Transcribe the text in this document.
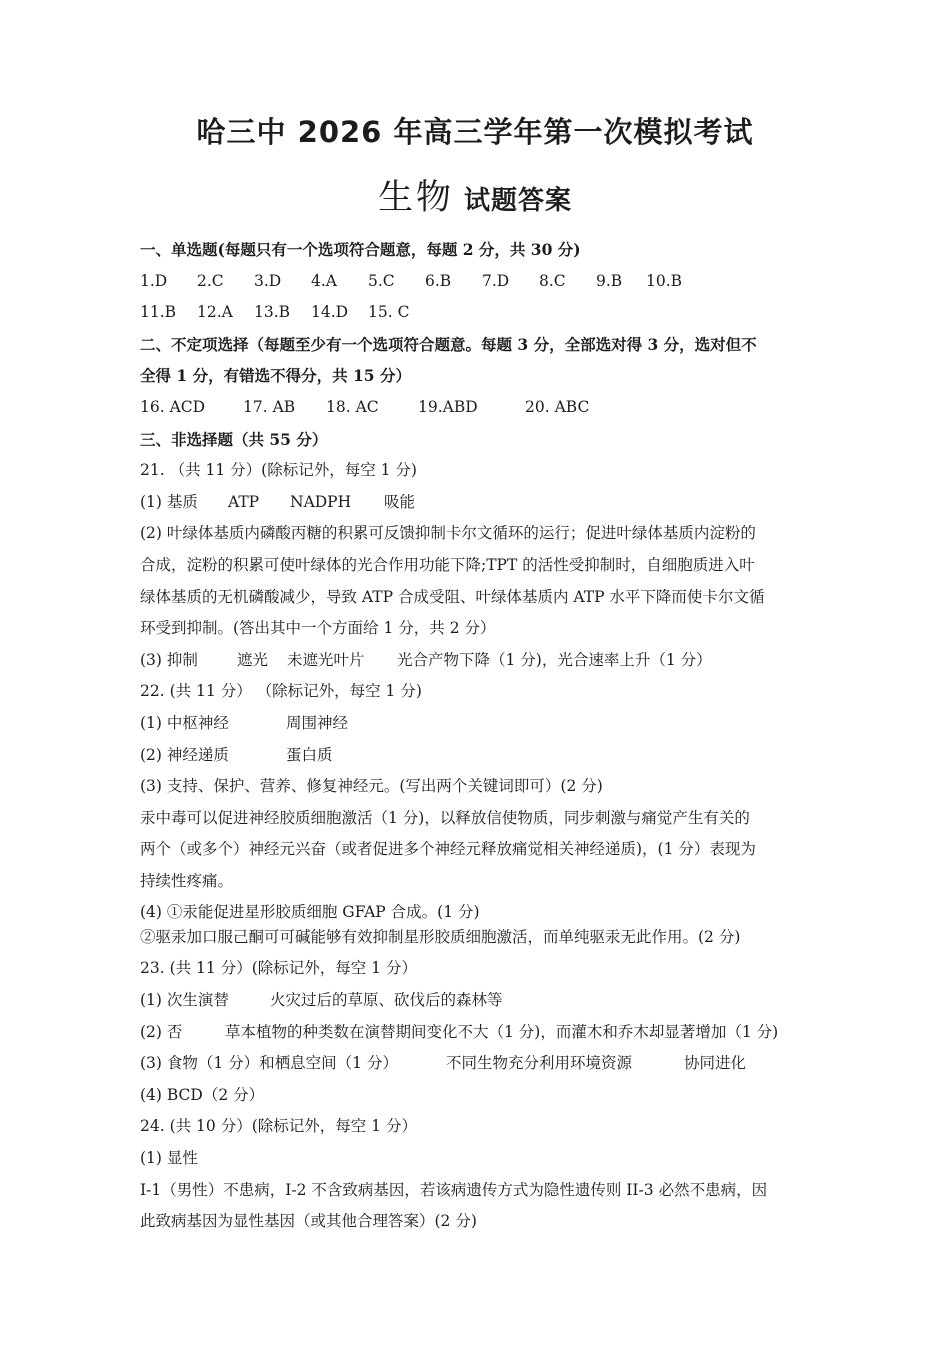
哈三中 2026 年高三学年第一次模拟考试
生物 试题答案
一、单选题(每题只有一个选项符合题意，每题 2 分，共 30 分)
1.D 2.C 3.D 4.A 5.C 6.B 7.D 8.C 9.B 10.B
11.B 12.A 13.B 14.D 15. C
二、不定项选择（每题至少有一个选项符合题意。每题 3 分，全部选对得 3 分，选对但不
全得 1 分，有错选不得分，共 15 分）
16. ACD 17. AB 18. AC	19.ABD	20. ABC
三、非选择题（共 55 分）
21. （共 11 分）(除标记外，每空 1 分)
(1) 基质 ATP NADPH 吸能
(2) 叶绿体基质内磷酸丙糖的积累可反馈抑制卡尔文循环的运行；促进叶绿体基质内淀粉的
合成，淀粉的积累可使叶绿体的光合作用功能下降;TPT 的活性受抑制时，自细胞质进入叶
绿体基质的无机磷酸减少，导致 ATP 合成受阻、叶绿体基质内 ATP 水平下降而使卡尔文循
环受到抑制。(答出其中一个方面给 1 分，共 2 分）
(3) 抑制	遮光 未遮光叶片 光合产物下降（1 分)，光合速率上升（1 分）
22. (共 11 分） （除标记外，每空 1 分)
(1) 中枢神经	周围神经
(2) 神经递质	蛋白质
(3) 支持、保护、营养、修复神经元。(写出两个关键词即可）(2 分)
汞中毒可以促进神经胶质细胞激活（1 分)，以释放信使物质，同步刺激与痛觉产生有关的
两个（或多个）神经元兴奋（或者促进多个神经元释放痛觉相关神经递质)，(1 分）表现为
持续性疼痛。
(4) ①汞能促进星形胶质细胞 GFAP 合成。(1 分)
②驱汞加口服己酮可可碱能够有效抑制星形胶质细胞激活，而单纯驱汞无此作用。(2 分)
23. (共 11 分）(除标记外，每空 1 分）
(1) 次生演替	火灾过后的草原、砍伐后的森林等
(2) 否	草本植物的种类数在演替期间变化不大（1 分)，而灌木和乔木却显著增加（1 分)
(3) 食物（1 分）和栖息空间（1 分）	不同生物充分利用环境资源	协同进化
(4) BCD（2 分）
24. (共 10 分）(除标记外，每空 1 分）
(1) 显性
I-1（男性）不患病，I-2 不含致病基因，若该病遗传方式为隐性遗传则 II-3 必然不患病，因
此致病基因为显性基因（或其他合理答案）(2 分)
